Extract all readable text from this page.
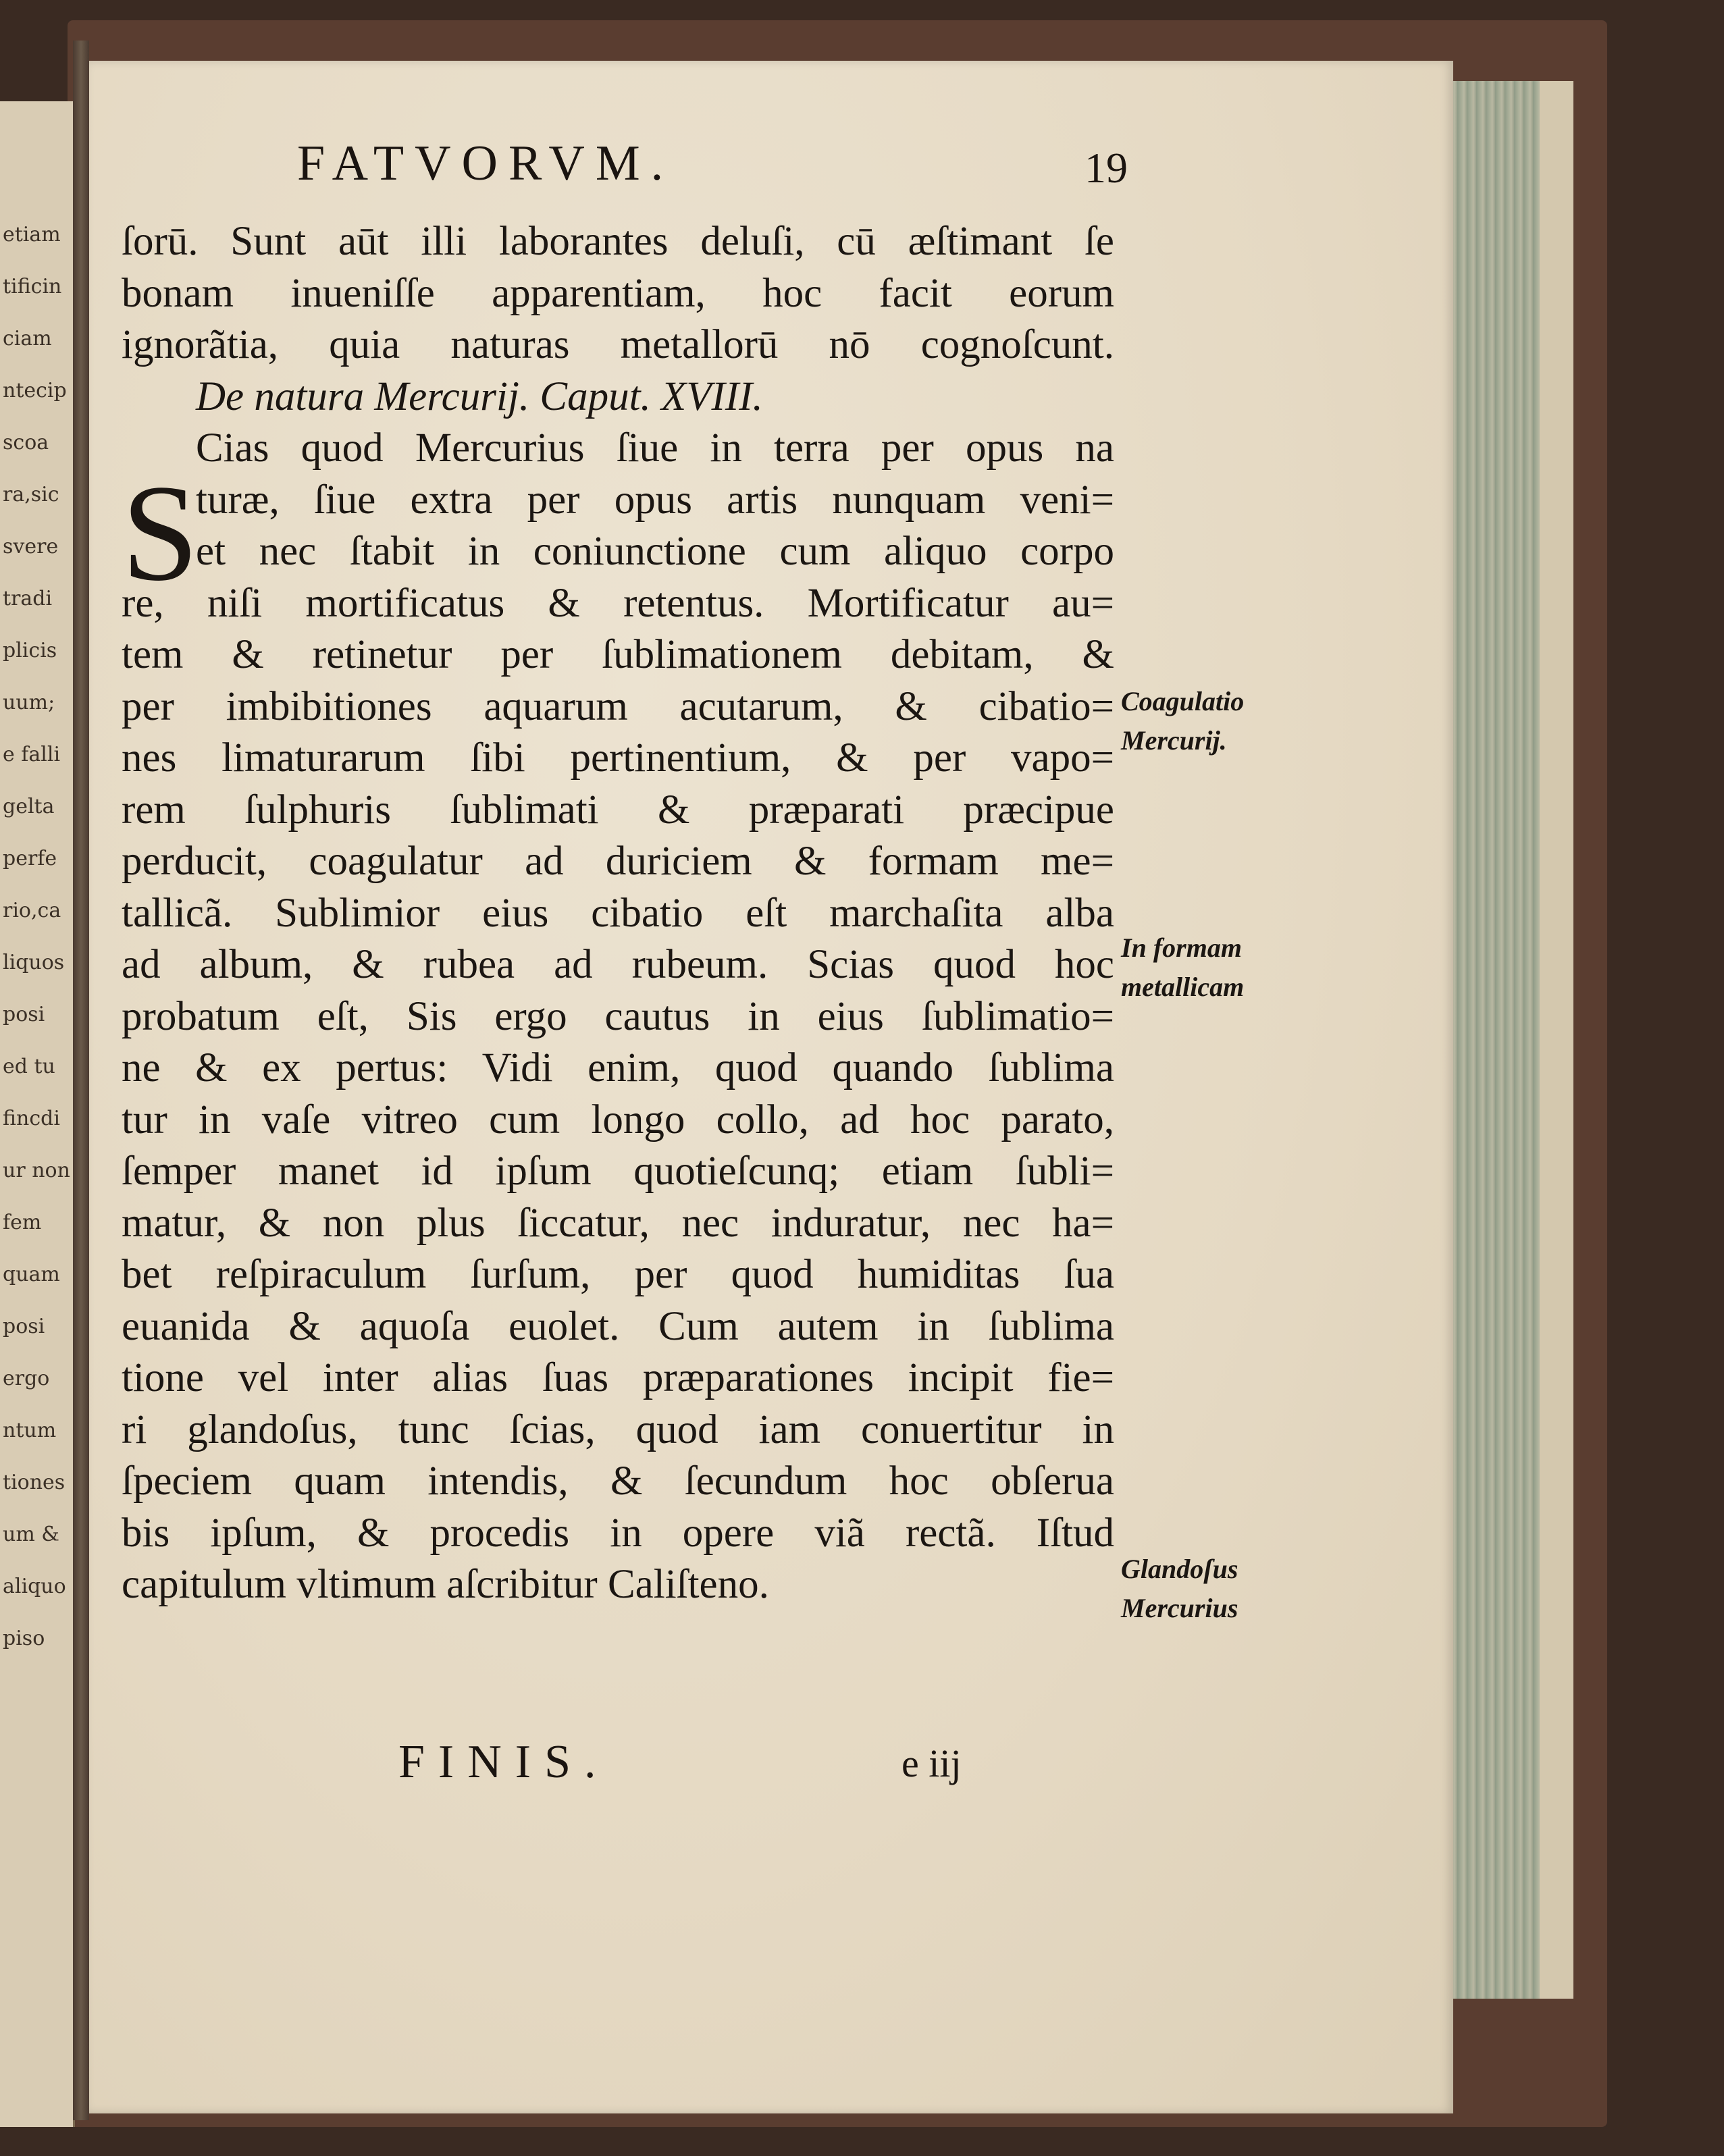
etiam
tificin
ciam
ntecip
scoa
ra,sic
svere
tradi
plicis
uum;
e falli
gelta
perfe
rio,ca
liquos
posi
ed tu
fincdi
ur non
fem
quam
posi
ergo
ntum
tiones
um &
aliquo
piso
FATVORVM.	19
S
ſorū. Sunt aūt illi laborantes deluſi, cū æſtimant ſe
bonam inueniſſe apparentiam, hoc facit eorum
ignorãtia, quia naturas metallorū nō cognoſcunt.
De natura Mercurij. Caput. XVIII.
Cias quod Mercurius ſiue in terra per opus na
turæ, ſiue extra per opus artis nunquam veni=
et nec ſtabit in coniunctione cum aliquo corpo
re, niſi mortificatus & retentus. Mortificatur au=
tem & retinetur per ſublimationem debitam, &
per imbibitiones aquarum acutarum, & cibatio=
nes limaturarum ſibi pertinentium, & per vapo=
rem ſulphuris ſublimati & præparati præcipue
perducit, coagulatur ad duriciem & formam me=
tallicã. Sublimior eius cibatio eſt marchaſita alba
ad album, & rubea ad rubeum. Scias quod hoc
probatum eſt, Sis ergo cautus in eius ſublimatio=
ne & ex pertus: Vidi enim, quod quando ſublima
tur in vaſe vitreo cum longo collo, ad hoc parato,
ſemper manet id ipſum quotieſcunq; etiam ſubli=
matur, & non plus ſiccatur, nec induratur, nec ha=
bet reſpiraculum ſurſum, per quod humiditas ſua
euanida & aquoſa euolet. Cum autem in ſublima
tione vel inter alias ſuas præparationes incipit fie=
ri glandoſus, tunc ſcias, quod iam conuertitur in
ſpeciem quam intendis, & ſecundum hoc obſerua
bis ipſum, & procedis in opere viã rectã. Iſtud
capitulum vltimum aſcribitur Caliſteno.
Coagulatio
Mercurij.
In formam
metallicam
Glandoſus
Mercurius
FINIS.	e iij
